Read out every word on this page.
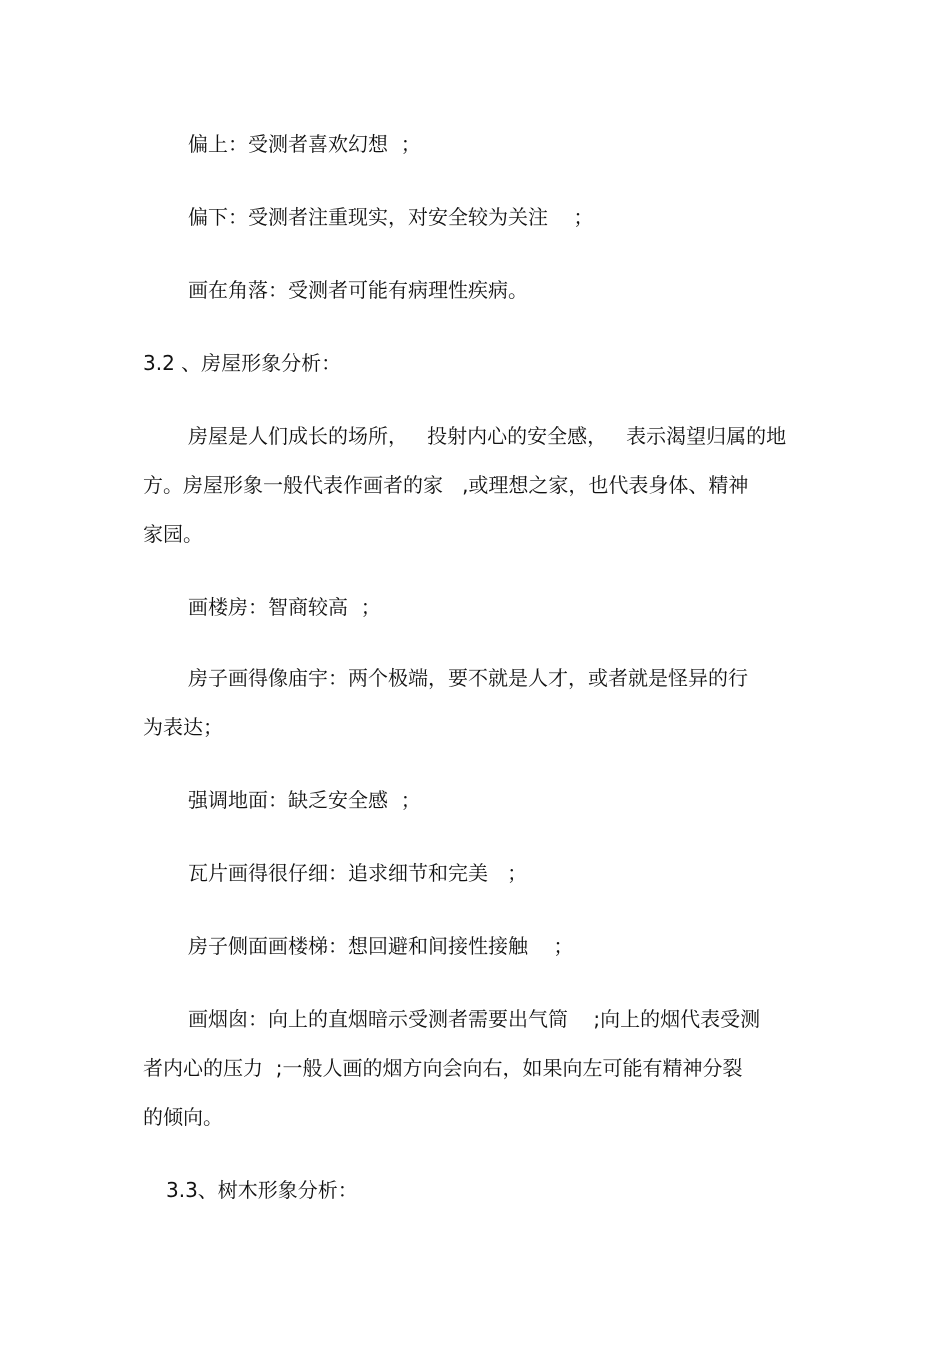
偏上：受测者喜欢幻想  ；

偏下：受测者注重现实，对安全较为关注    ；

画在角落：受测者可能有病理性疾病。

3.2 、房屋形象分析：

房屋是人们成长的场所，   投射内心的安全感，   表示渴望归属的地

方。房屋形象一般代表作画者的家   ,或理想之家，也代表身体、精神

家园。

画楼房：智商较高  ；

房子画得像庙宇：两个极端，要不就是人才，或者就是怪异的行

为表达；

强调地面：缺乏安全感  ；

瓦片画得很仔细：追求细节和完美   ；

房子侧面画楼梯：想回避和间接性接触    ；

画烟囱：向上的直烟暗示受测者需要出气筒    ;向上的烟代表受测

者内心的压力  ;一般人画的烟方向会向右，如果向左可能有精神分裂

的倾向。

3.3、树木形象分析：
